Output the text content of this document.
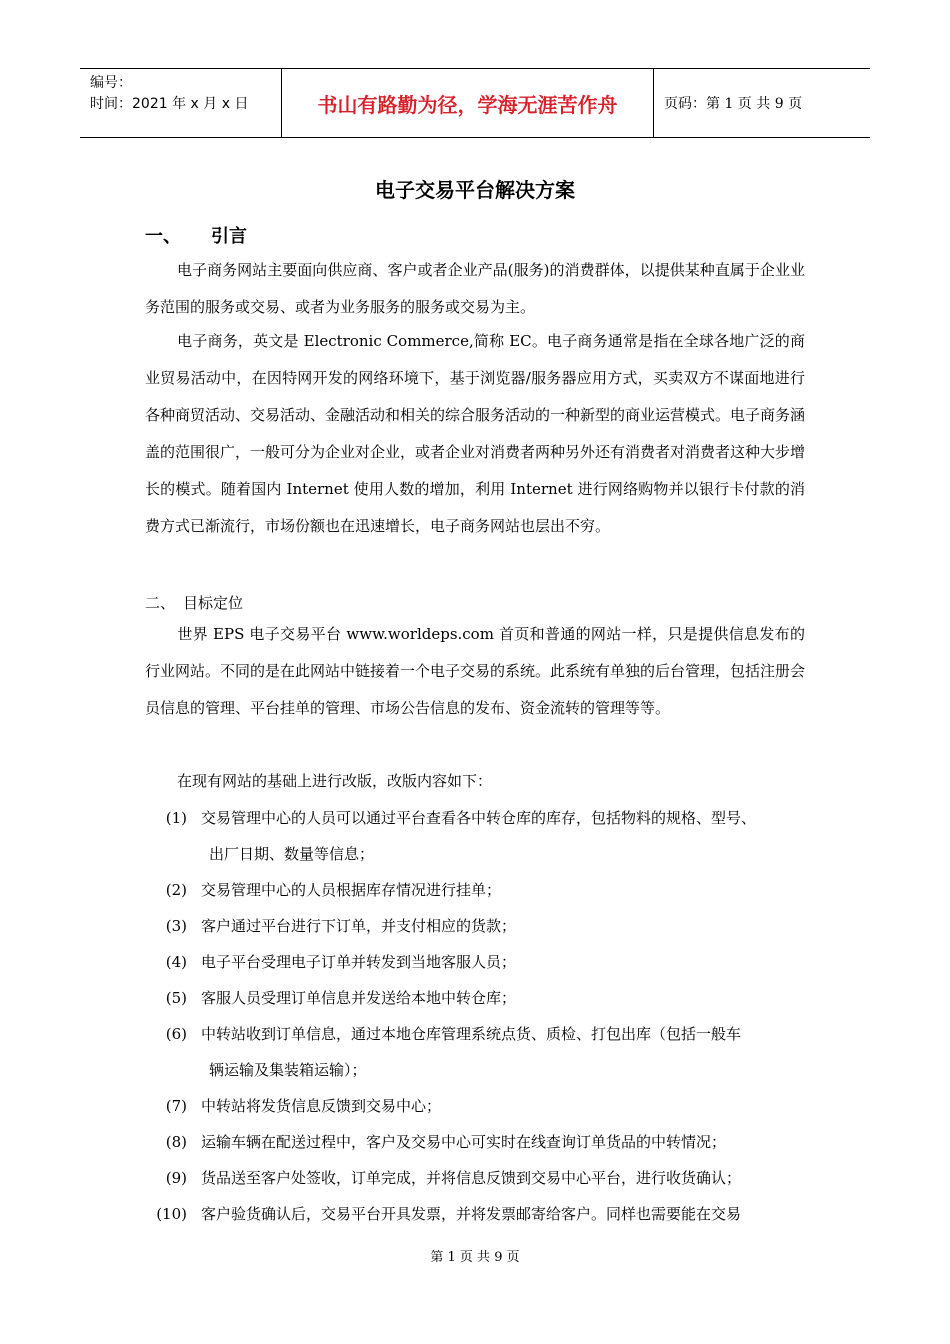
编号：
时间：2021 年 x 月 x 日	书山有路勤为径，学海无涯苦作舟	页码：第 1 页 共 9 页
电子交易平台解决方案
一、 引言
电子商务网站主要面向供应商、客户或者企业产品(服务)的消费群体，以提供某种直属于企业业务范围的服务或交易、或者为业务服务的服务或交易为主。
电子商务，英文是 Electronic Commerce,简称 EC。电子商务通常是指在全球各地广泛的商业贸易活动中，在因特网开发的网络环境下，基于浏览器/服务器应用方式，买卖双方不谋面地进行各种商贸活动、交易活动、金融活动和相关的综合服务活动的一种新型的商业运营模式。电子商务涵盖的范围很广，一般可分为企业对企业，或者企业对消费者两种另外还有消费者对消费者这种大步增长的模式。随着国内 Internet 使用人数的增加，利用 Internet 进行网络购物并以银行卡付款的消费方式已渐流行，市场份额也在迅速增长，电子商务网站也层出不穷。
二、 目标定位
世界 EPS 电子交易平台 www.worldeps.com 首页和普通的网站一样，只是提供信息发布的行业网站。不同的是在此网站中链接着一个电子交易的系统。此系统有单独的后台管理，包括注册会员信息的管理、平台挂单的管理、市场公告信息的发布、资金流转的管理等等。
在现有网站的基础上进行改版，改版内容如下：
(1) 交易管理中心的人员可以通过平台查看各中转仓库的库存，包括物料的规格、型号、
出厂日期、数量等信息；
(2) 交易管理中心的人员根据库存情况进行挂单；
(3) 客户通过平台进行下订单，并支付相应的货款；
(4) 电子平台受理电子订单并转发到当地客服人员；
(5) 客服人员受理订单信息并发送给本地中转仓库；
(6) 中转站收到订单信息，通过本地仓库管理系统点货、质检、打包出库（包括一般车
辆运输及集装箱运输）；
(7) 中转站将发货信息反馈到交易中心；
(8) 运输车辆在配送过程中，客户及交易中心可实时在线查询订单货品的中转情况；
(9) 货品送至客户处签收，订单完成，并将信息反馈到交易中心平台，进行收货确认；
(10) 客户验货确认后，交易平台开具发票，并将发票邮寄给客户。同样也需要能在交易
第 1 页 共 9 页
